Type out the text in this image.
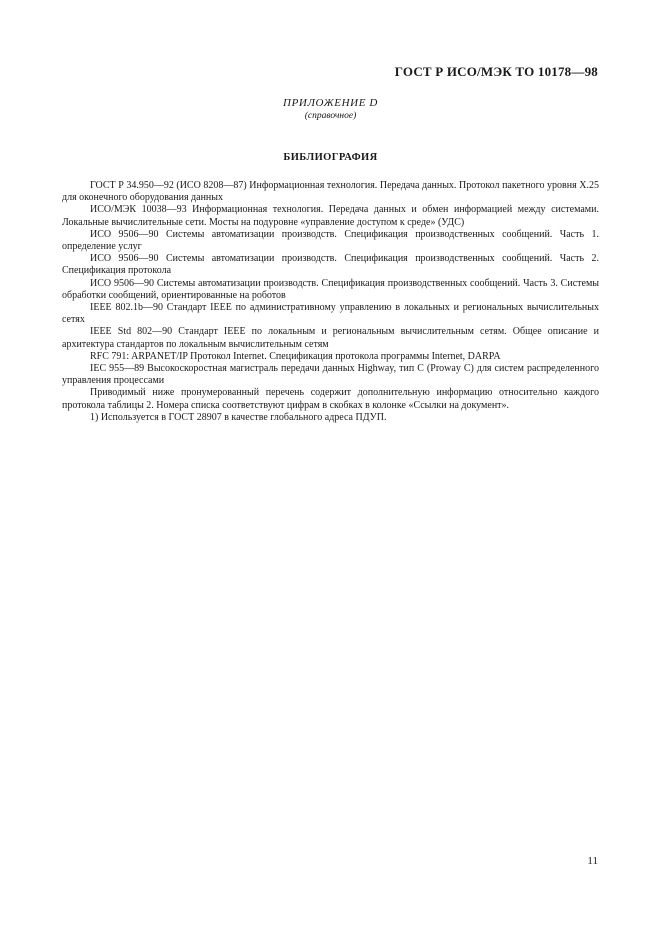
ГОСТ Р ИСО/МЭК ТО 10178—98
ПРИЛОЖЕНИЕ D
(справочное)
БИБЛИОГРАФИЯ

ГОСТ Р 34.950—92 (ИСО 8208—87) Информационная технология. Передача данных. Протокол пакетного уровня Х.25 для оконечного оборудования данных

ИСО/МЭК 10038—93 Информационная технология. Передача данных и обмен информацией между системами. Локальные вычислительные сети. Мосты на подуровне «управление доступом к среде» (УДС)

ИСО 9506—90 Системы автоматизации производств. Спецификация производственных сообщений. Часть 1. определение услуг

ИСО 9506—90 Системы автоматизации производств. Спецификация производственных сообщений. Часть 2. Спецификация протокола

ИСО 9506—90 Системы автоматизации производств. Спецификация производственных сообщений. Часть 3. Системы обработки сообщений, ориентированные на роботов

IEEE 802.1b—90 Стандарт IEEE по административному управлению в локальных и региональных вычислительных сетях

IEEE Std 802—90 Стандарт IEEE по локальным и региональным вычислительным сетям. Общее описание и архитектура стандартов по локальным вычислительным сетям

RFC 791: ARPANET/IP Протокол Internet. Спецификация протокола программы Internet, DARPA

IEC 955—89 Высокоскоростная магистраль передачи данных Highway, тип С (Proway С) для систем распределенного управления процессами

Приводимый ниже пронумерованный перечень содержит дополнительную информацию относительно каждого протокола таблицы 2. Номера списка соответствуют цифрам в скобках в колонке «Ссылки на документ».

1) Используется в ГОСТ 28907 в качестве глобального адреса ПДУП.

11
